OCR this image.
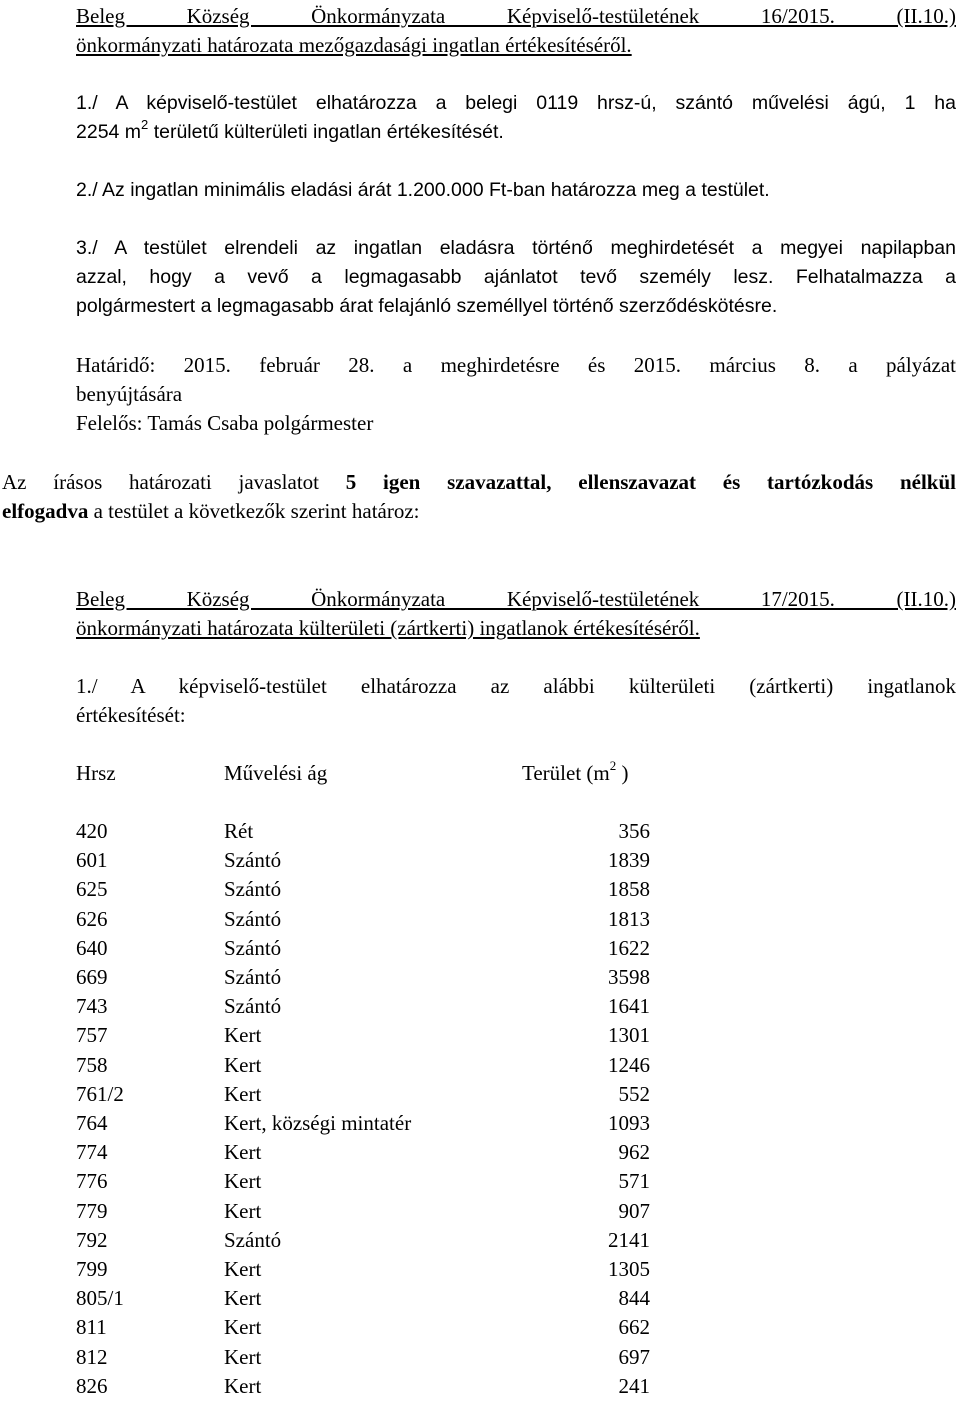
Beleg Község Önkormányzata Képviselő-testületének 16/2015. (II.10.)
önkormányzati határozata mezőgazdasági ingatlan értékesítéséről.
1./ A képviselő-testület elhatározza a belegi 0119 hrsz-ú, szántó művelési ágú, 1 ha
2254 $m^2$ területű külterületi ingatlan értékesítését.
2./ Az ingatlan minimális eladási árát 1.200.000 Ft-ban határozza meg a testület.
3./ A testület elrendeli az ingatlan eladásra történő meghirdetését a megyei napilapban
azzal, hogy a vevő a legmagasabb ajánlatot tevő személy lesz. Felhatalmazza a
polgármestert a legmagasabb árat felajánló személlyel történő szerződéskötésre.
Határidő: 2015. február 28. a meghirdetésre és 2015. március 8. a pályázat
benyújtására
Felelős: Tamás Csaba polgármester
Az írásos határozati javaslatot 5 igen szavazattal, ellenszavazat és tartózkodás nélkül
elfogadva a testület a következők szerint határoz:
Beleg Község Önkormányzata Képviselő-testületének 17/2015. (II.10.)
önkormányzati határozata külterületi (zártkerti) ingatlanok értékesítéséről.
1./ A képviselő-testület elhatározza az alábbi külterületi (zártkerti) ingatlanok
értékesítését:
Hrsz	Művelési ág	Terület ($m^2$ )
420	Rét	356
601	Szántó	1839
625	Szántó	1858
626	Szántó	1813
640	Szántó	1622
669	Szántó	3598
743	Szántó	1641
757	Kert	1301
758	Kert	1246
761/2	Kert	552
764	Kert, községi mintatér	1093
774	Kert	962
776	Kert	571
779	Kert	907
792	Szántó	2141
799	Kert	1305
805/1	Kert	844
811	Kert	662
812	Kert	697
826	Kert	241
